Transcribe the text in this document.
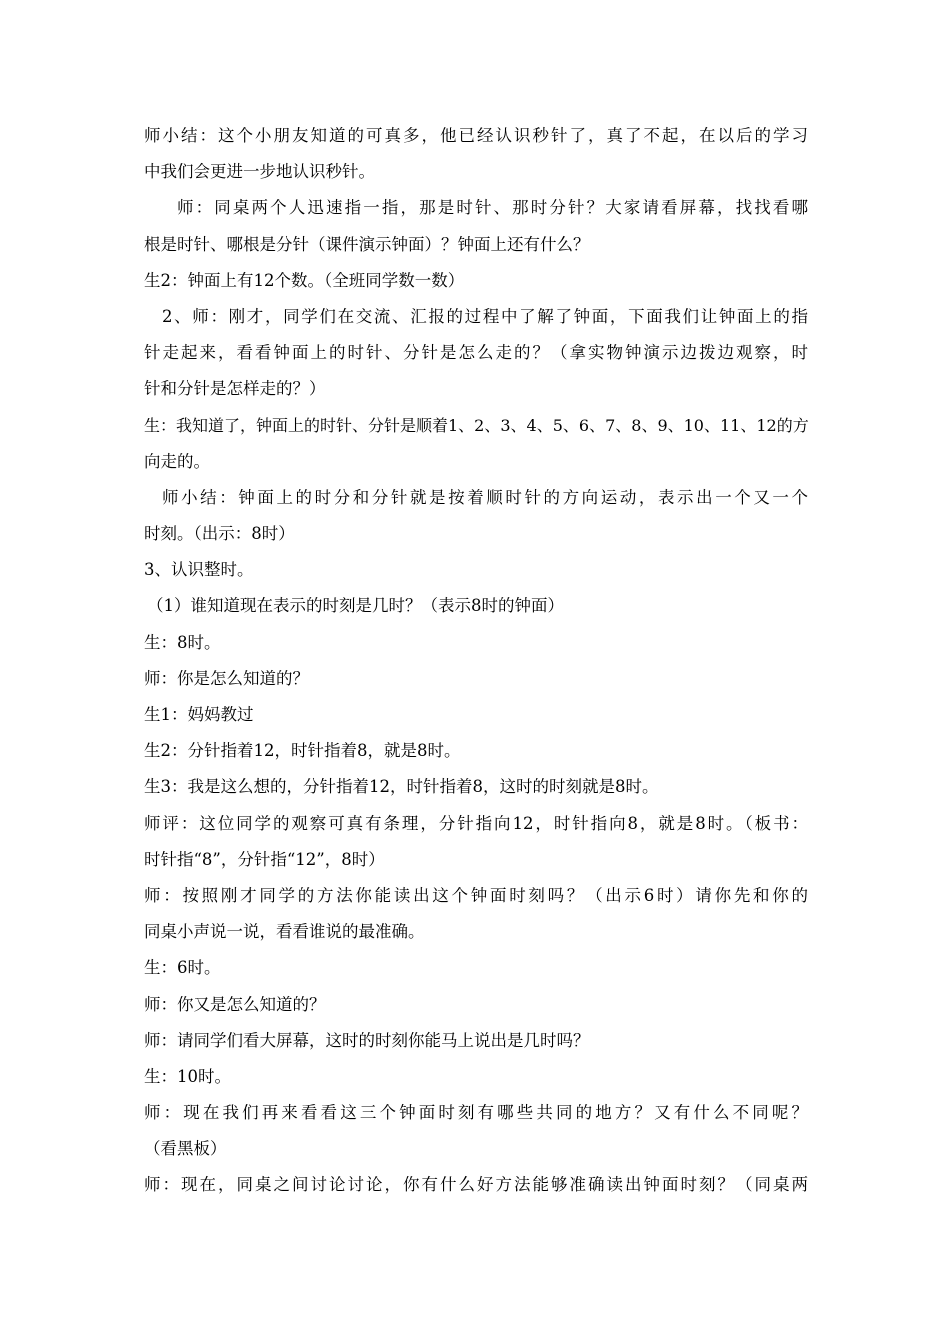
师小结：这个小朋友知道的可真多，他已经认识秒针了，真了不起，在以后的学习
中我们会更进一步地认识秒针。
师：同桌两个人迅速指一指，那是时针、那时分针？大家请看屏幕，找找看哪
根是时针、哪根是分针（课件演示钟面）？钟面上还有什么？
生2：钟面上有12个数。（全班同学数一数）
2、师：刚才，同学们在交流、汇报的过程中了解了钟面，下面我们让钟面上的指
针走起来，看看钟面上的时针、分针是怎么走的？（拿实物钟演示边拨边观察，时
针和分针是怎样走的？）
生：我知道了，钟面上的时针、分针是顺着1、2、3、4、5、6、7、8、9、10、11、12的方
向走的。
师小结：钟面上的时分和分针就是按着顺时针的方向运动，表示出一个又一个
时刻。（出示：8时）
3、认识整时。
（1）谁知道现在表示的时刻是几时？（表示8时的钟面）
生：8时。
师：你是怎么知道的？
生1：妈妈教过
生2：分针指着12，时针指着8，就是8时。
生3：我是这么想的，分针指着12，时针指着8，这时的时刻就是8时。
师评：这位同学的观察可真有条理，分针指向12，时针指向8，就是8时。（板书：
时针指“8”，分针指“12”，8时）
师：按照刚才同学的方法你能读出这个钟面时刻吗？（出示6时）请你先和你的
同桌小声说一说，看看谁说的最准确。
生：6时。
师：你又是怎么知道的？
师：请同学们看大屏幕，这时的时刻你能马上说出是几时吗？
生：10时。
师：现在我们再来看看这三个钟面时刻有哪些共同的地方？又有什么不同呢？
（看黑板）
师：现在，同桌之间讨论讨论，你有什么好方法能够准确读出钟面时刻？（同桌两
